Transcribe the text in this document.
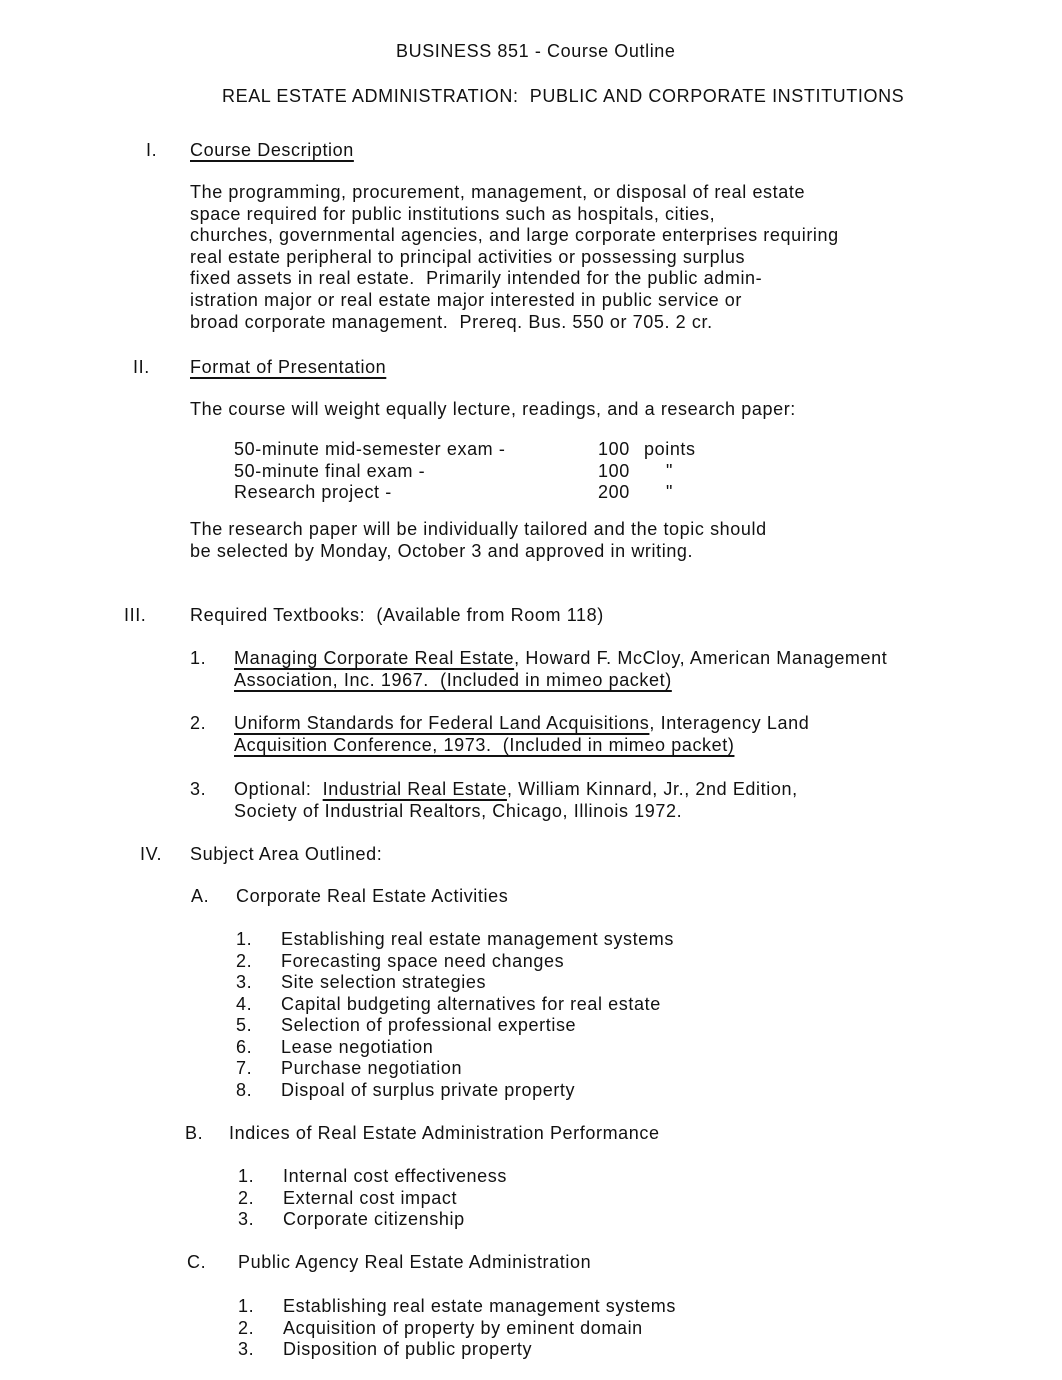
BUSINESS 851 - Course Outline
REAL ESTATE ADMINISTRATION:  PUBLIC AND CORPORATE INSTITUTIONS
I. Course Description
The programming, procurement, management, or disposal of real estate
space required for public institutions such as hospitals, cities,
churches, governmental agencies, and large corporate enterprises requiring
real estate peripheral to principal activities or possessing surplus
fixed assets in real estate.  Primarily intended for the public admin-
istration major or real estate major interested in public service or
broad corporate management.  Prereq. Bus. 550 or 705. 2 cr.
II. Format of Presentation
The course will weight equally lecture, readings, and a research paper:
50-minute mid-semester exam -	100	points
50-minute final exam -	100	"
Research project -	200	"
The research paper will be individually tailored and the topic should
be selected by Monday, October 3 and approved in writing.
III. Required Textbooks:  (Available from Room 118)
1. Managing Corporate Real Estate, Howard F. McCloy, American Management
Association, Inc. 1967.  (Included in mimeo packet)
2. Uniform Standards for Federal Land Acquisitions, Interagency Land
Acquisition Conference, 1973.  (Included in mimeo packet)
3. Optional:  Industrial Real Estate, William Kinnard, Jr., 2nd Edition,
Society of Industrial Realtors, Chicago, Illinois 1972.
IV. Subject Area Outlined:
A. Corporate Real Estate Activities
1.	Establishing real estate management systems
2.	Forecasting space need changes
3.	Site selection strategies
4.	Capital budgeting alternatives for real estate
5.	Selection of professional expertise
6.	Lease negotiation
7.	Purchase negotiation
8.	Dispoal of surplus private property
B. Indices of Real Estate Administration Performance
1.	Internal cost effectiveness
2.	External cost impact
3.	Corporate citizenship
C. Public Agency Real Estate Administration
1.	Establishing real estate management systems
2.	Acquisition of property by eminent domain
3.	Disposition of public property
